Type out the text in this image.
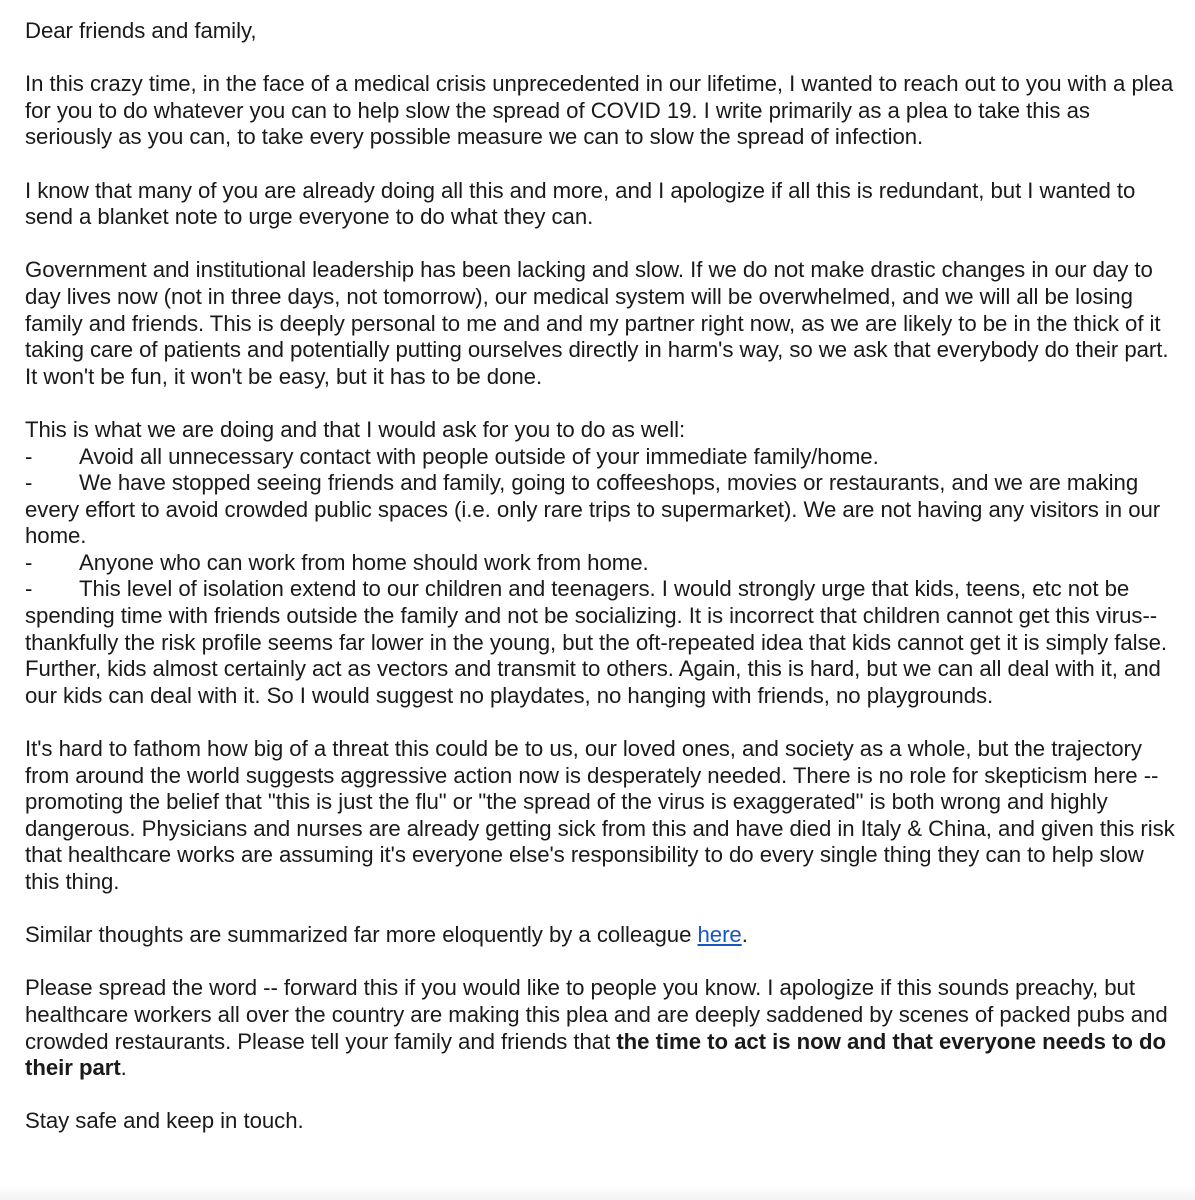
Dear friends and family,

In this crazy time, in the face of a medical crisis unprecedented in our lifetime, I wanted to reach out to you with a plea for you to do whatever you can to help slow the spread of COVID 19. I write primarily as a plea to take this as seriously as you can, to take every possible measure we can to slow the spread of infection.

I know that many of you are already doing all this and more, and I apologize if all this is redundant, but I wanted to send a blanket note to urge everyone to do what they can.

Government and institutional leadership has been lacking and slow. If we do not make drastic changes in our day to day lives now (not in three days, not tomorrow), our medical system will be overwhelmed, and we will all be losing family and friends. This is deeply personal to me and and my partner right now, as we are likely to be in the thick of it taking care of patients and potentially putting ourselves directly in harm's way, so we ask that everybody do their part. It won't be fun, it won't be easy, but it has to be done.

This is what we are doing and that I would ask for you to do as well:
- Avoid all unnecessary contact with people outside of your immediate family/home.
- We have stopped seeing friends and family, going to coffeeshops, movies or restaurants, and we are making every effort to avoid crowded public spaces (i.e. only rare trips to supermarket). We are not having any visitors in our home.
- Anyone who can work from home should work from home.
- This level of isolation extend to our children and teenagers. I would strongly urge that kids, teens, etc not be spending time with friends outside the family and not be socializing. It is incorrect that children cannot get this virus--thankfully the risk profile seems far lower in the young, but the oft-repeated idea that kids cannot get it is simply false. Further, kids almost certainly act as vectors and transmit to others. Again, this is hard, but we can all deal with it, and our kids can deal with it. So I would suggest no playdates, no hanging with friends, no playgrounds.

It's hard to fathom how big of a threat this could be to us, our loved ones, and society as a whole, but the trajectory from around the world suggests aggressive action now is desperately needed. There is no role for skepticism here -- promoting the belief that "this is just the flu" or "the spread of the virus is exaggerated" is both wrong and highly dangerous. Physicians and nurses are already getting sick from this and have died in Italy & China, and given this risk that healthcare works are assuming it's everyone else's responsibility to do every single thing they can to help slow this thing.

Similar thoughts are summarized far more eloquently by a colleague here.

Please spread the word -- forward this if you would like to people you know. I apologize if this sounds preachy, but healthcare workers all over the country are making this plea and are deeply saddened by scenes of packed pubs and crowded restaurants. Please tell your family and friends that the time to act is now and that everyone needs to do their part.

Stay safe and keep in touch.
